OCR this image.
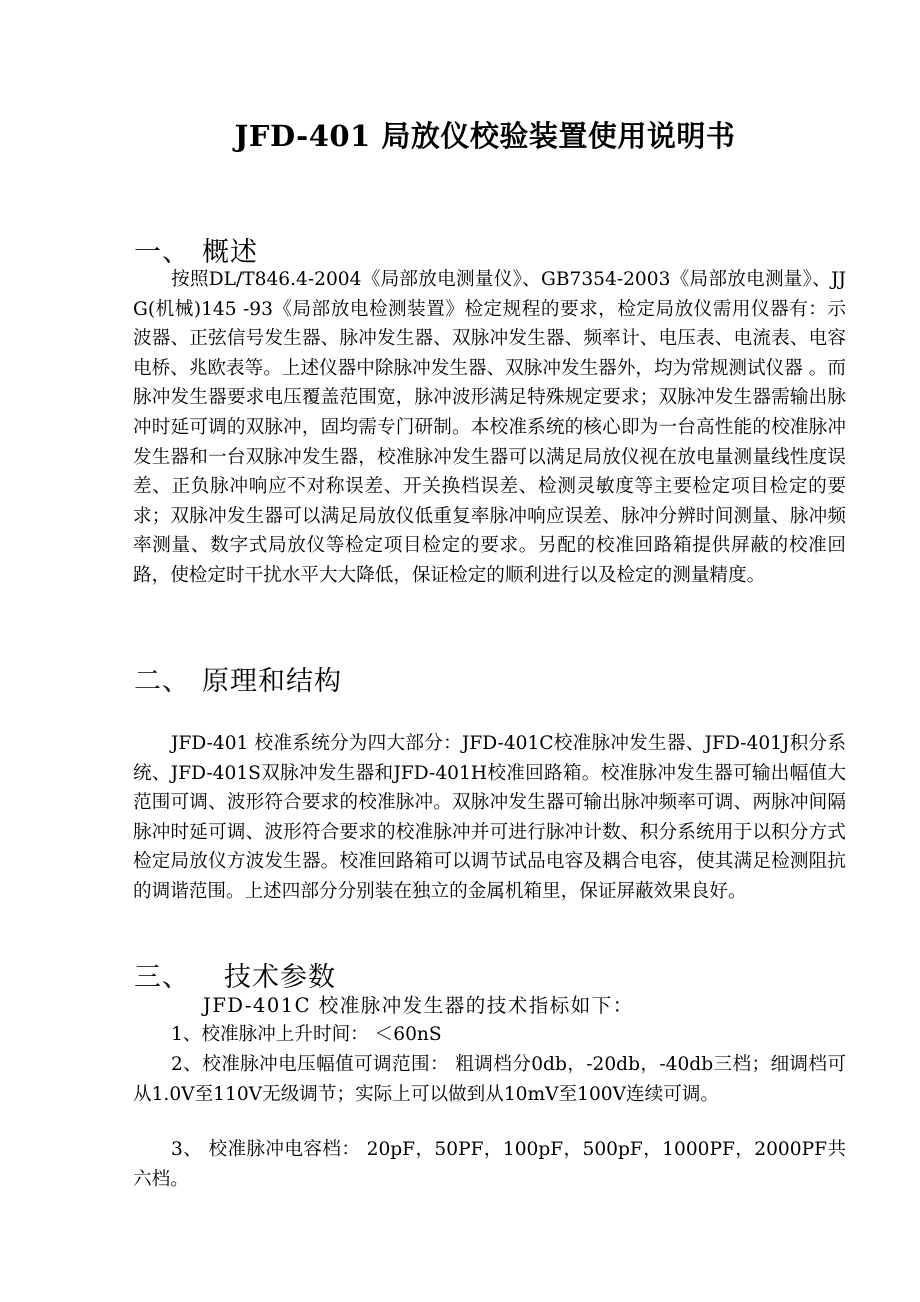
JFD-401 局放仪校验装置使用说明书
一、 概述

按照DL/T846.4-2004《局部放电测量仪》、GB7354-2003《局部放电测量》、JJG(机械)145 -93《局部放电检测装置》检定规程的要求，检定局放仪需用仪器有：示波器、正弦信号发生器、脉冲发生器、双脉冲发生器、频率计、电压表、电流表、电容电桥、兆欧表等。上述仪器中除脉冲发生器、双脉冲发生器外，均为常规测试仪器 。而脉冲发生器要求电压覆盖范围宽，脉冲波形满足特殊规定要求；双脉冲发生器需输出脉冲时延可调的双脉冲，固均需专门研制。本校准系统的核心即为一台高性能的校准脉冲发生器和一台双脉冲发生器，校准脉冲发生器可以满足局放仪视在放电量测量线性度误差、正负脉冲响应不对称误差、开关换档误差、检测灵敏度等主要检定项目检定的要求；双脉冲发生器可以满足局放仪低重复率脉冲响应误差、脉冲分辨时间测量、脉冲频率测量、数字式局放仪等检定项目检定的要求。另配的校准回路箱提供屏蔽的校准回路，使检定时干扰水平大大降低，保证检定的顺利进行以及检定的测量精度。

二、 原理和结构

JFD-401 校准系统分为四大部分：JFD-401C校准脉冲发生器、JFD-401J积分系统、JFD-401S双脉冲发生器和JFD-401H校准回路箱。校准脉冲发生器可输出幅值大范围可调、波形符合要求的校准脉冲。双脉冲发生器可输出脉冲频率可调、两脉冲间隔脉冲时延可调、波形符合要求的校准脉冲并可进行脉冲计数、积分系统用于以积分方式检定局放仪方波发生器。校准回路箱可以调节试品电容及耦合电容，使其满足检测阻抗的调谐范围。上述四部分分别装在独立的金属机箱里，保证屏蔽效果良好。

三、 技术参数

JFD-401C 校准脉冲发生器的技术指标如下：

1、校准脉冲上升时间： ＜60nS

2、校准脉冲电压幅值可调范围： 粗调档分0db，-20db，-40db三档；细调档可从1.0V至110V无级调节；实际上可以做到从10mV至100V连续可调。

3、 校准脉冲电容档： 20pF，50PF，100pF，500pF，1000PF，2000PF共六档。
